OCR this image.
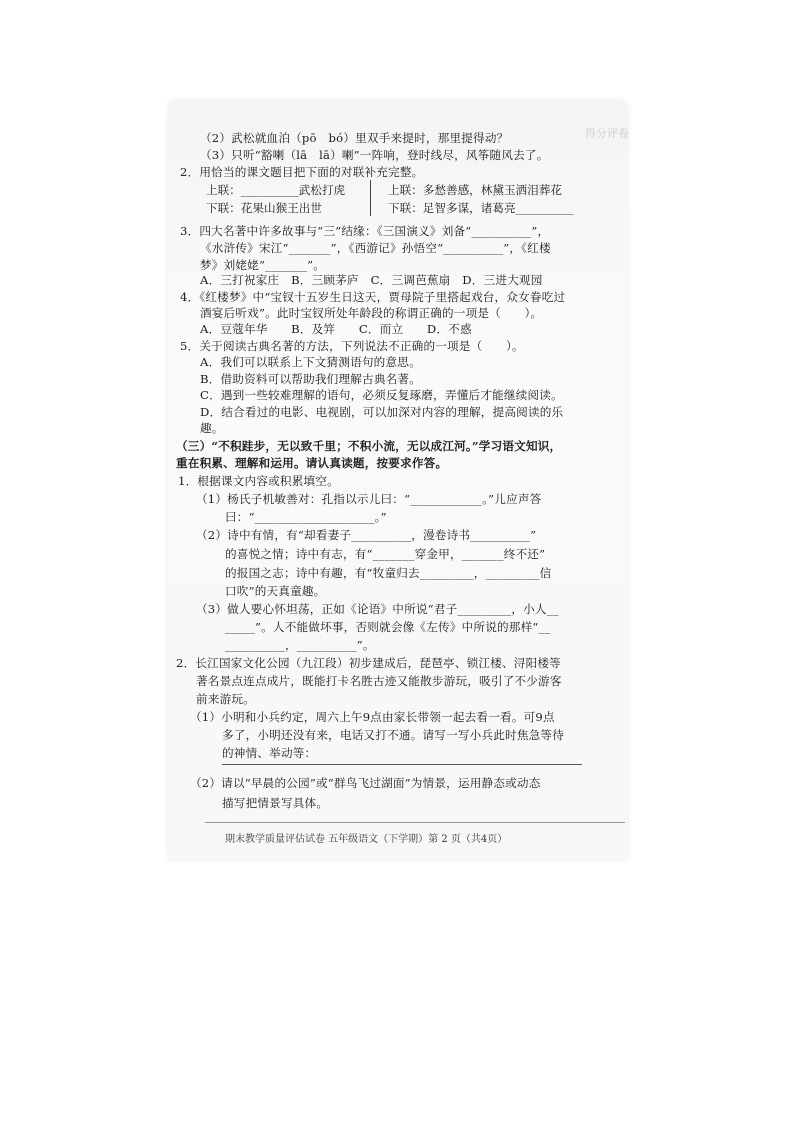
得分评卷
（2）武松就血泊（pō　bó）里双手来提时，那里提得动？
（3）只听“豁喇（lā　lā）喇”一阵响，登时线尽，风筝随风去了。
2．用恰当的课文题目把下面的对联补充完整。
上联：__________武松打虎	上联：多愁善感，林黛玉洒泪葬花
下联：花果山猴王出世	下联：足智多谋，诸葛亮__________
3．四大名著中许多故事与“三”结缘：《三国演义》刘备“__________”，
《水浒传》宋江“_______”，《西游记》孙悟空“__________”，《红楼
梦》刘姥姥“_______”。
A．三打祝家庄　B．三顾茅庐　C．三调芭蕉扇　D．三进大观园
4．《红楼梦》中“宝钗十五岁生日这天，贾母院子里搭起戏台，众女眷吃过
酒宴后听戏”。此时宝钗所处年龄段的称谓正确的一项是（　　）。
A．豆蔻年华　　B．及笄　　C．而立　　D．不惑
5．关于阅读古典名著的方法，下列说法不正确的一项是（　　）。
A．我们可以联系上下文猜测语句的意思。
B．借助资料可以帮助我们理解古典名著。
C．遇到一些较难理解的语句，必须反复琢磨，弄懂后才能继续阅读。
D．结合看过的电影、电视剧，可以加深对内容的理解，提高阅读的乐
趣。
（三）“不积跬步，无以致千里；不积小流，无以成江河。”学习语文知识，
重在积累、理解和运用。请认真读题，按要求作答。
1．根据课文内容或积累填空。
（1）杨氏子机敏善对：孔指以示儿曰：“____________。”儿应声答
曰：“____________________。”
（2）诗中有情，有“却看妻子__________，漫卷诗书__________”
的喜悦之情；诗中有志，有“_______穿金甲，_______终不还”
的报国之志；诗中有趣，有“牧童归去_________，_________信
口吹”的天真童趣。
（3）做人要心怀坦荡，正如《论语》中所说“君子_________，小人__
_____”。人不能做坏事，否则就会像《左传》中所说的那样“__
__________，__________”。
2．长江国家文化公园（九江段）初步建成后，琵琶亭、锁江楼、浔阳楼等
著名景点连点成片，既能打卡名胜古迹又能散步游玩，吸引了不少游客
前来游玩。
（1）小明和小兵约定，周六上午9点由家长带领一起去看一看。可9点
多了，小明还没有来，电话又打不通。请写一写小兵此时焦急等待
的神情、举动等：
（2）请以“早晨的公园”或“群鸟飞过湖面”为情景，运用静态或动态
描写把情景写具体。
期末教学质量评估试卷 五年级语文（下学期）第 2 页（共4页）
